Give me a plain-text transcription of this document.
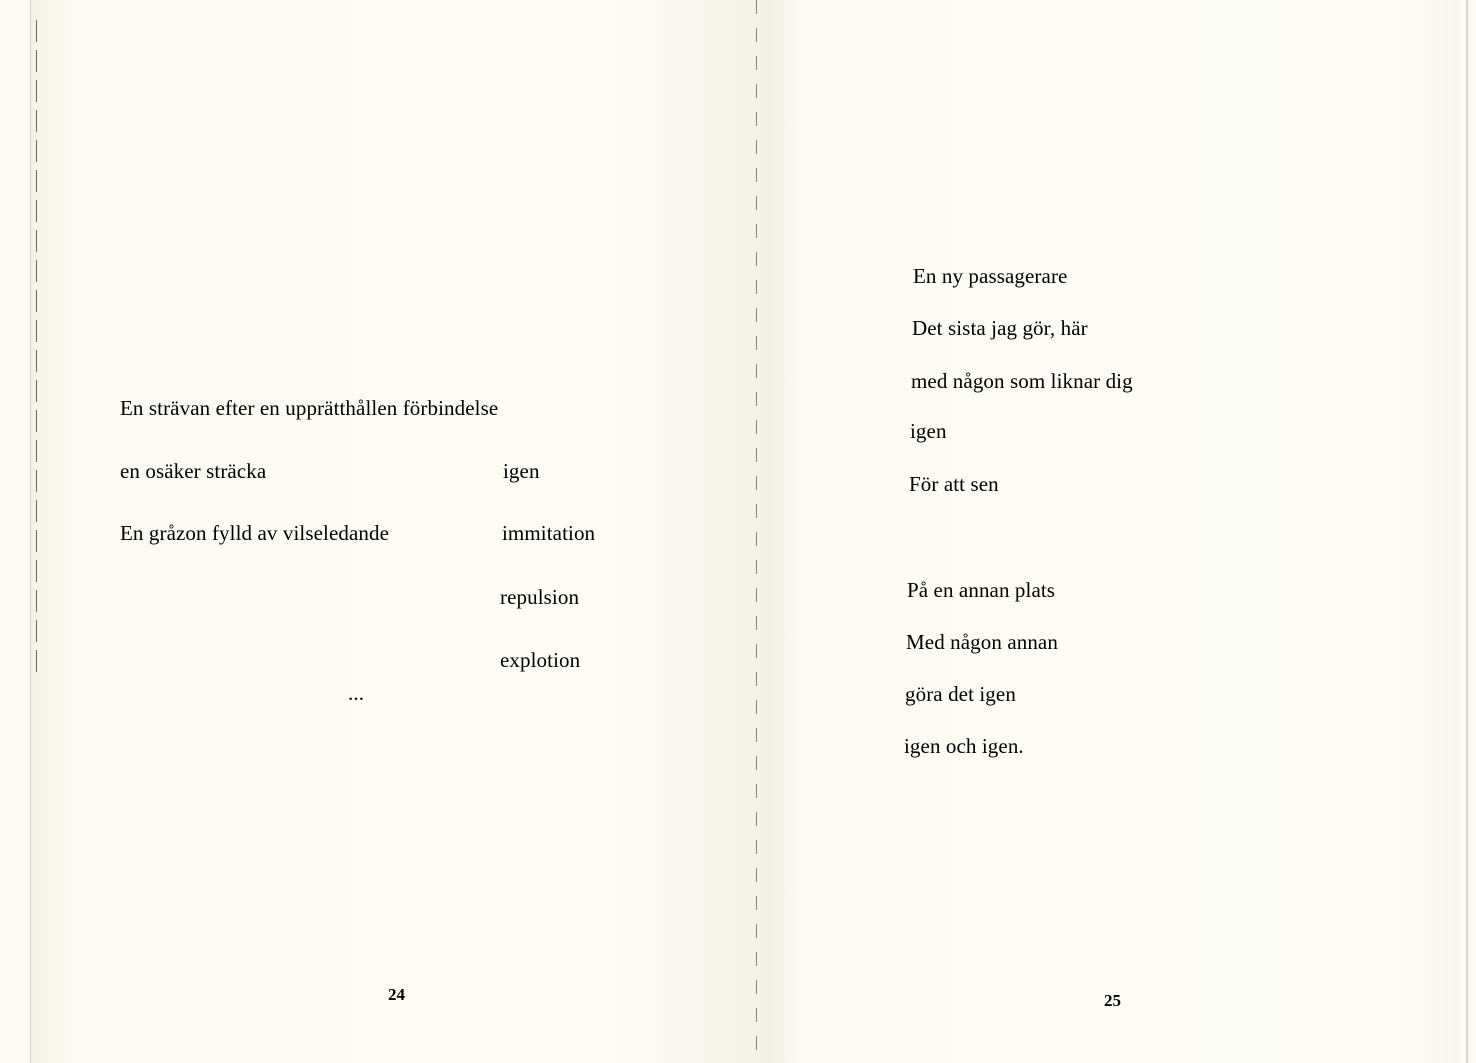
En strävan efter en upprätthållen förbindelse
en osäker sträcka	igen
En gråzon fylld av vilseledande	immitation
repulsion
explotion
...
24
En ny passagerare
Det sista jag gör, här
med någon som liknar dig
igen
För att sen
På en annan plats
Med någon annan
göra det igen
igen och igen.
25
